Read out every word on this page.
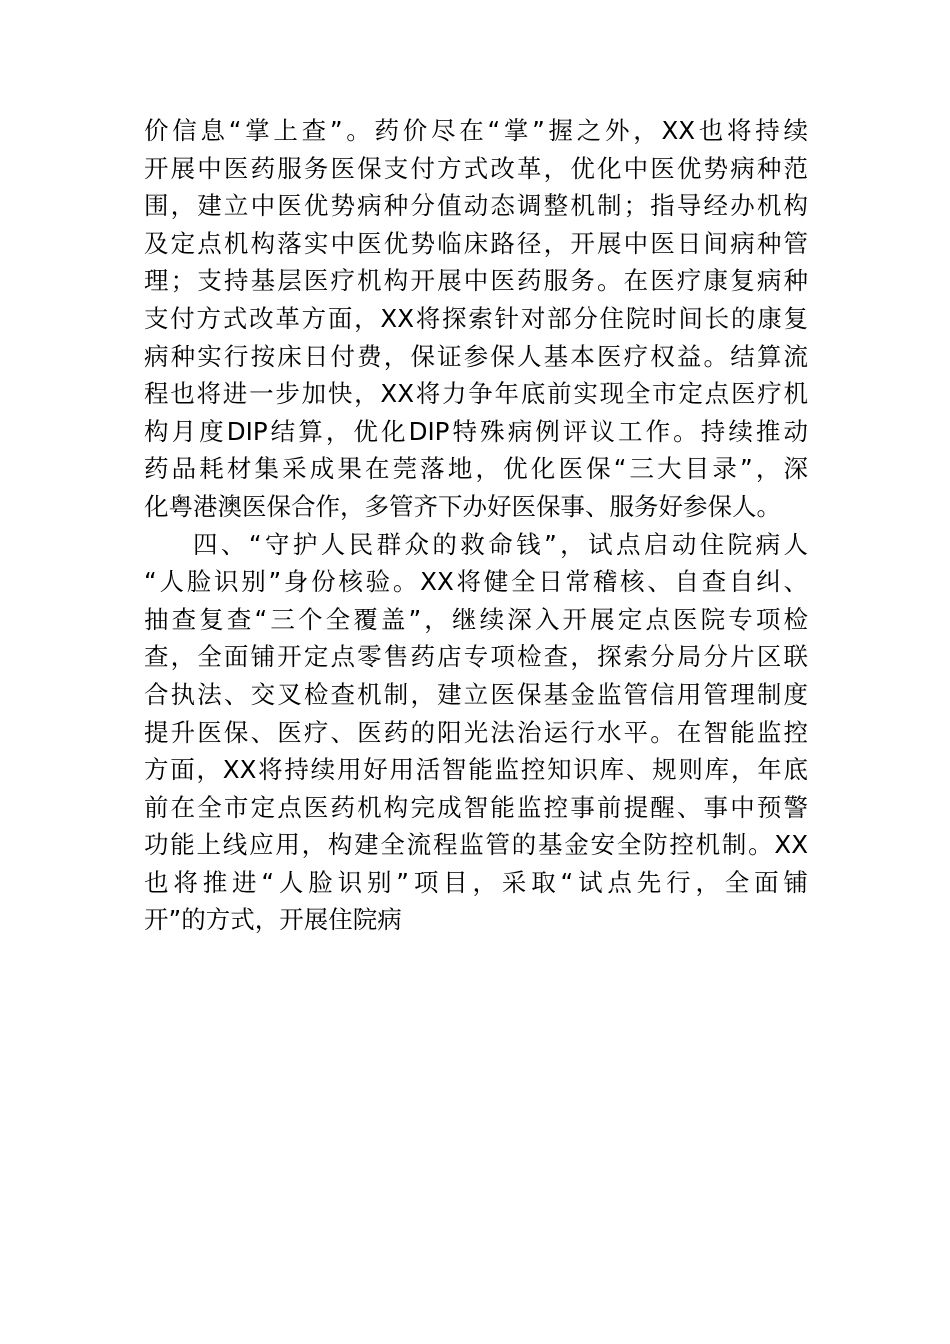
价信息“掌上查”。药价尽在“掌”握之外，XX也将持续
开展中医药服务医保支付方式改革，优化中医优势病种范
围，建立中医优势病种分值动态调整机制；指导经办机构
及定点机构落实中医优势临床路径，开展中医日间病种管
理；支持基层医疗机构开展中医药服务。在医疗康复病种
支付方式改革方面，XX将探索针对部分住院时间长的康复
病种实行按床日付费，保证参保人基本医疗权益。结算流
程也将进一步加快，XX将力争年底前实现全市定点医疗机
构月度DIP结算，优化DIP特殊病例评议工作。持续推动
药品耗材集采成果在莞落地，优化医保“三大目录”，深
化粤港澳医保合作，多管齐下办好医保事、服务好参保人。
四、“守护人民群众的救命钱”，试点启动住院病人
“人脸识别”身份核验。XX将健全日常稽核、自查自纠、
抽查复查“三个全覆盖”，继续深入开展定点医院专项检
查，全面铺开定点零售药店专项检查，探索分局分片区联
合执法、交叉检查机制，建立医保基金监管信用管理制度
提升医保、医疗、医药的阳光法治运行水平。在智能监控
方面，XX将持续用好用活智能监控知识库、规则库，年底
前在全市定点医药机构完成智能监控事前提醒、事中预警
功能上线应用，构建全流程监管的基金安全防控机制。XX
也将推进“人脸识别”项目，采取“试点先行，全面铺
开”的方式，开展住院病
